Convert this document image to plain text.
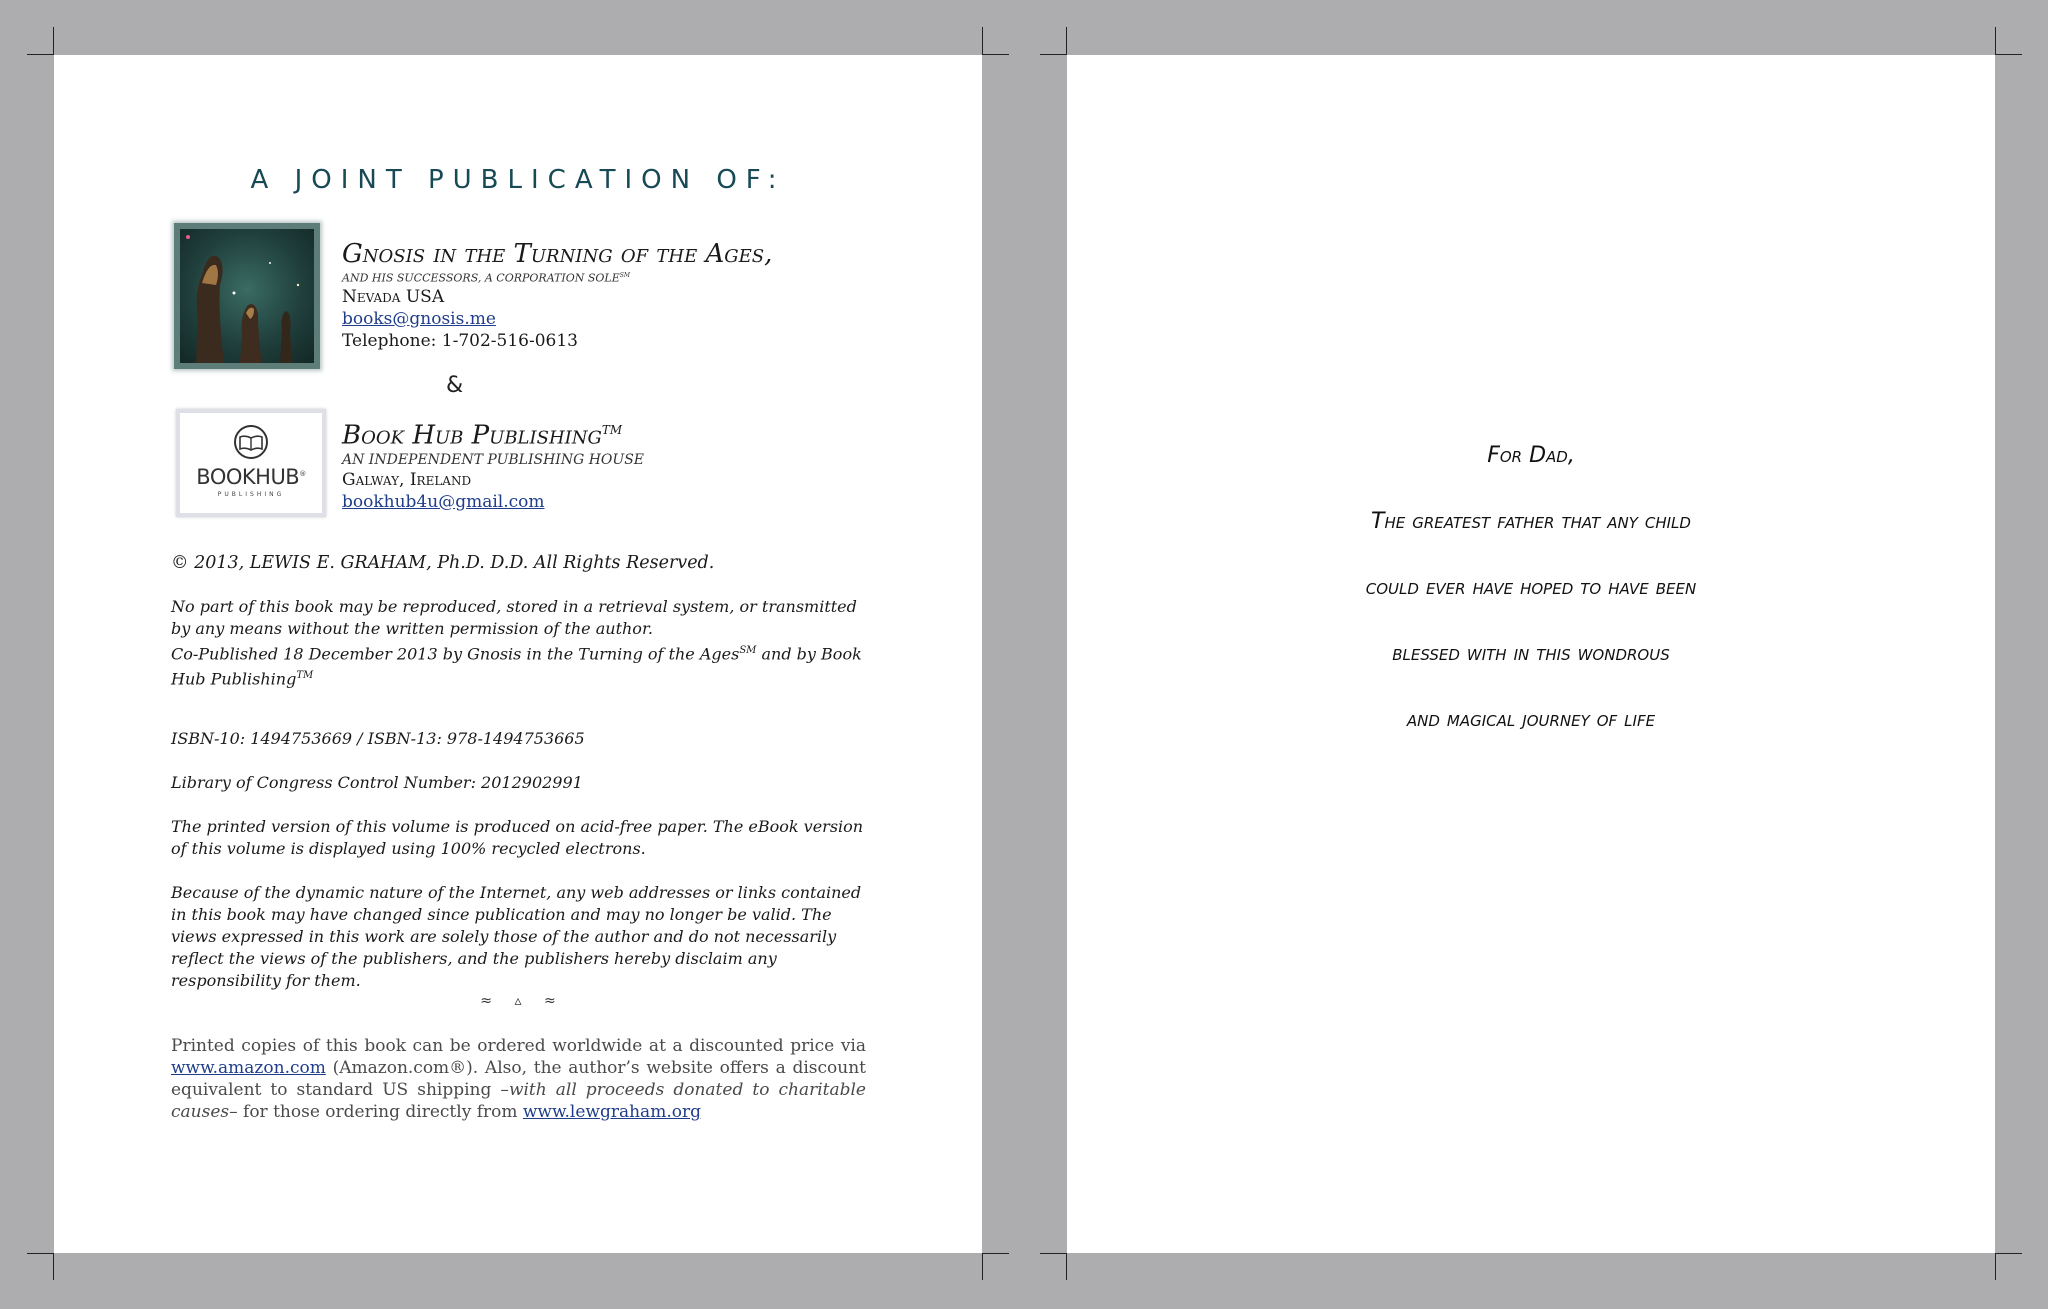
A JOINT PUBLICATION OF:
Gnosis in the Turning of the Ages,
AND HIS SUCCESSORS, A CORPORATION SOLE℠
Nevada USA
books@gnosis.me
Telephone: 1-702-516-0613
&
BOOKHUB®
PUBLISHING
Book Hub Publishing™
AN INDEPENDENT PUBLISHING HOUSE
Galway, Ireland
bookhub4u@gmail.com
© 2013, LEWIS E. GRAHAM, Ph.D. D.D. All Rights Reserved.
No part of this book may be reproduced, stored in a retrieval system, or transmitted by any means without the written permission of the author.
Co-Published 18 December 2013 by Gnosis in the Turning of the Ages℠ and by Book Hub Publishing™
ISBN-10: 1494753669 / ISBN-13: 978-1494753665
Library of Congress Control Number: 2012902991
The printed version of this volume is produced on acid-free paper. The eBook version of this volume is displayed using 100% recycled electrons.
Because of the dynamic nature of the Internet, any web addresses or links contained in this book may have changed since publication and may no longer be valid. The views expressed in this work are solely those of the author and do not necessarily reflect the views of the publishers, and the publishers hereby disclaim any responsibility for them.
≈ ▵ ≈
Printed copies of this book can be ordered worldwide at a discounted price via www.amazon.com (Amazon.com®). Also, the author’s website offers a discount equivalent to standard US shipping –with all proceeds donated to charitable causes– for those ordering directly from www.lewgraham.org
For Dad,
The greatest father that any child
could ever have hoped to have been
blessed with in this wondrous
and magical journey of life
